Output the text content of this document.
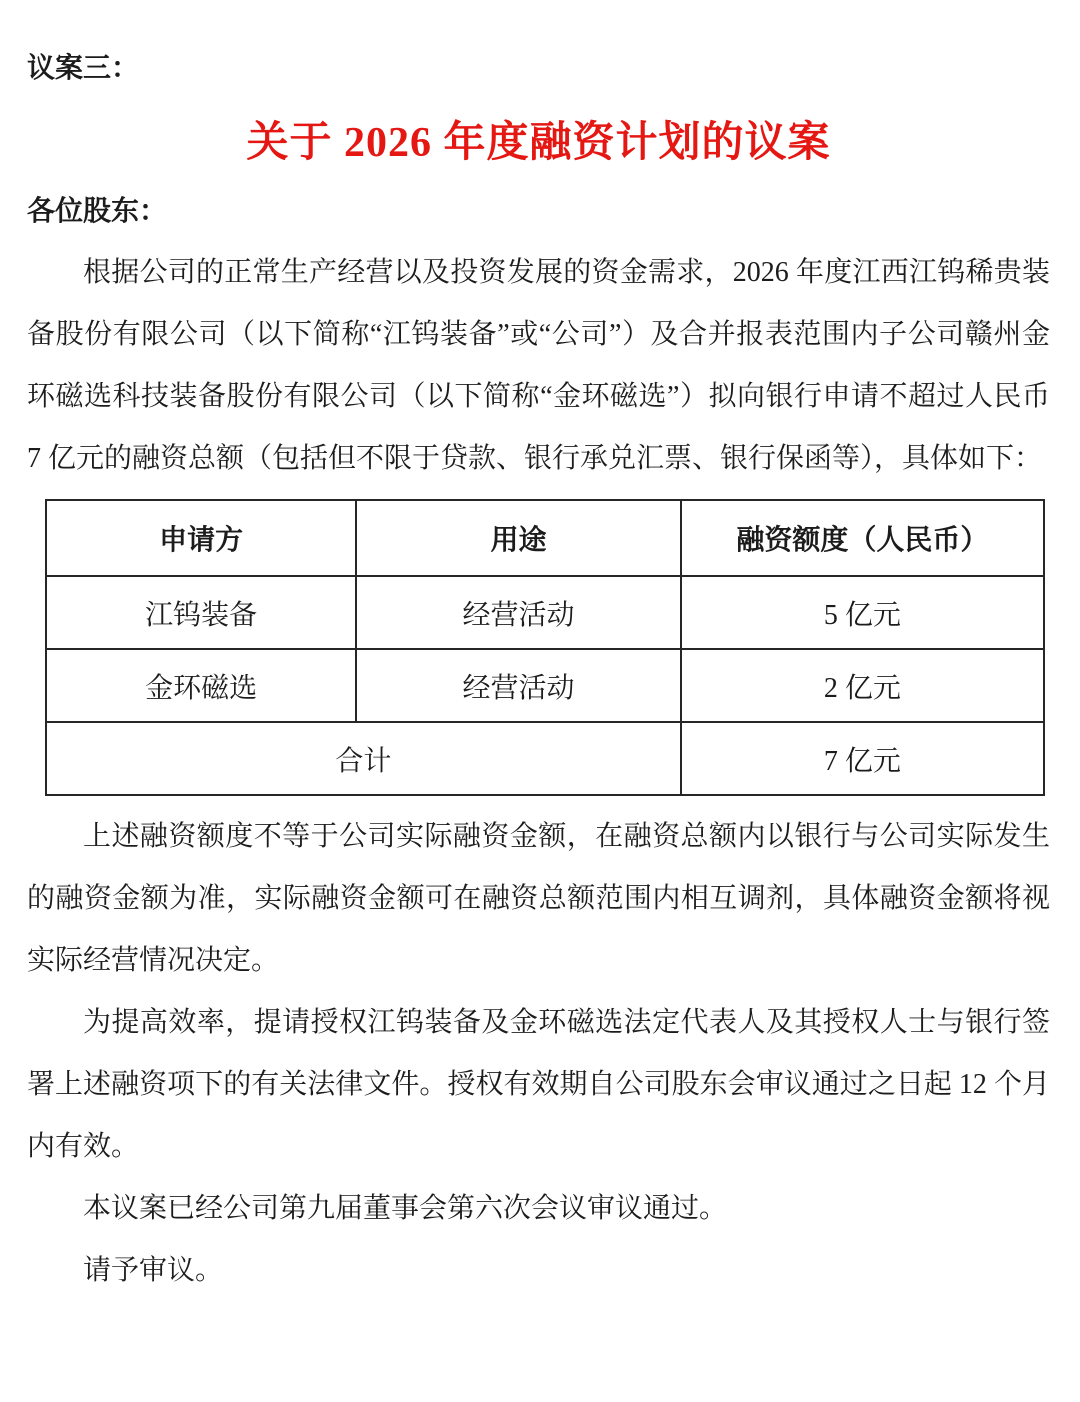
议案三：
关于 2026 年度融资计划的议案
各位股东：

根据公司的正常生产经营以及投资发展的资金需求，2026 年度江西江钨稀贵装备股份有限公司（以下简称“江钨装备”或“公司”）及合并报表范围内子公司赣州金环磁选科技装备股份有限公司（以下简称“金环磁选”）拟向银行申请不超过人民币 7 亿元的融资总额（包括但不限于贷款、银行承兑汇票、银行保函等），具体如下：

申请方	用途	融资额度（人民币）
江钨装备	经营活动	5 亿元
金环磁选	经营活动	2 亿元
合计		7 亿元

上述融资额度不等于公司实际融资金额，在融资总额内以银行与公司实际发生的融资金额为准，实际融资金额可在融资总额范围内相互调剂，具体融资金额将视实际经营情况决定。

为提高效率，提请授权江钨装备及金环磁选法定代表人及其授权人士与银行签署上述融资项下的有关法律文件。授权有效期自公司股东会审议通过之日起 12 个月内有效。

本议案已经公司第九届董事会第六次会议审议通过。

请予审议。
